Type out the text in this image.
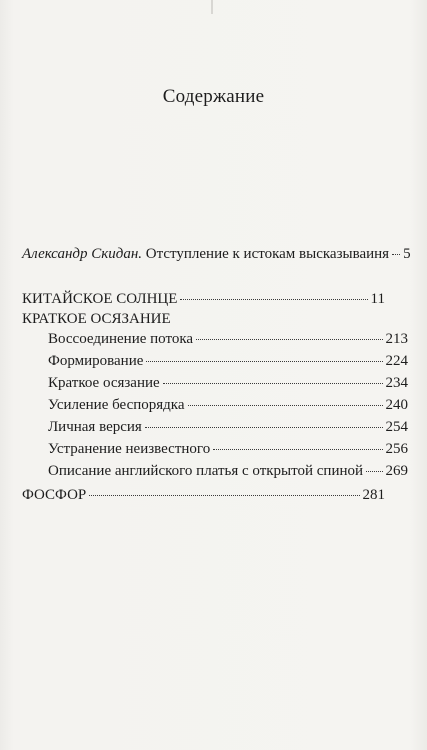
Содержание
Александр Скидан. Отступление к истокам высказываиня 5
КИТАЙСКОЕ СОЛНЦЕ	11
КРАТКОЕ ОСЯЗАНИЕ
Воссоединение потока	213
Формирование	224
Краткое осязание	234
Усиление беспорядка	240
Личная версия	254
Устранение неизвестного	256
Описание английского платья с открытой спиной 269
ФОСФОР	281
